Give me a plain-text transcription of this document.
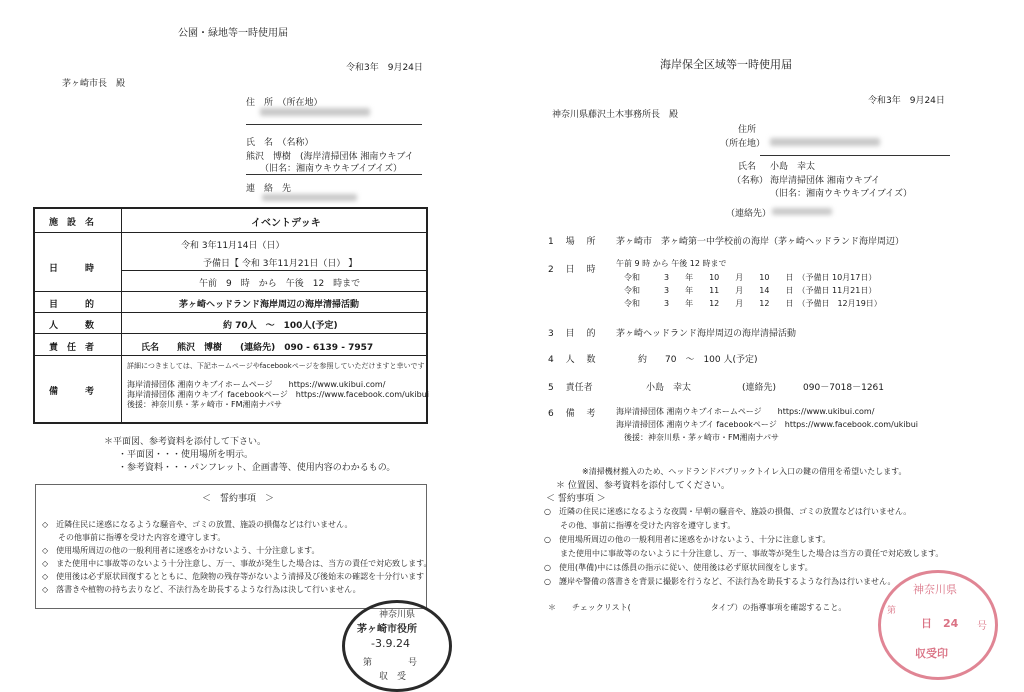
公園・緑地等一時使用届
令和3年　9月24日
茅ヶ崎市長　殿
住　所　（所在地）
氏　名　（名称）
熊沢　博樹　(海岸清掃団体 湘南ウキブイ
（旧名：湘南ウキウキブイブイズ）
連　絡　先
施　設　名	イベントデッキ
日　　　時
令和 3年11月14日（日）
予備日【 令和 3年11月21日（日） 】
午前　9　時　から　午後　12　時まで
目　　　的	茅ヶ崎ヘッドランド海岸周辺の海岸清掃活動
人　　　数	約 70人　～　100人(予定)
責　任　者	氏名　　熊沢　博樹　　(連絡先)　090 - 6139 - 7957
備　　　考
詳細につきましては、下記ホームページやfacebookページを参照していただけますと幸いです
海岸清掃団体 湘南ウキブイホームページ　　https://www.ukibui.com/
海岸清掃団体 湘南ウキブイ facebookページ　https://www.facebook.com/ukibui
後援：神奈川県・茅ヶ崎市・FM湘南ナパサ
＊平面図、参考資料を添付して下さい。
・平面図・・・使用場所を明示。
・参考資料・・・パンフレット、企画書等、使用内容のわかるもの。
＜　誓約事項　＞
◇　近隣住民に迷惑になるような騒音や、ゴミの放置、施設の損傷などは行いません。
　　その他事前に指導を受けた内容を遵守します。
◇　使用場所周辺の他の一般利用者に迷惑をかけないよう、十分注意します。
◇　また使用中に事故等のないよう十分注意し、万一、事故が発生した場合は、当方の責任で対応致します。
◇　使用後は必ず原状回復するとともに、危険物の残存等がないよう清掃及び後始末の確認を十分行います
◇　落書きや植物の持ち去りなど、不法行為を助長するような行為は決して行いません。
神奈川県
茅ヶ崎市役所
-3.9.24
第　　　　号
収　受
海岸保全区域等一時使用届
令和3年　9月24日
神奈川県藤沢土木事務所長　殿
住所
（所在地）
氏名 小島　幸太
（名称） 海岸清掃団体 湘南ウキブイ
（旧名：湘南ウキウキブイブイズ）
（連絡先）
1　 場　 所 茅ヶ崎市　茅ヶ崎第一中学校前の海岸（茅ヶ崎ヘッドランド海岸周辺）
2　 日　 時
午前 9 時 から 午後 12 時まで
令和　　　3　　年　　10　　月　　10　　日　（予備日 10月17日）
令和　　　3　　年　　11　　月　　14　　日　（予備日 11月21日）
令和　　　3　　年　　12　　月　　12　　日　（予備日　12月19日）
3　 目　 的 茅ヶ崎ヘッドランド海岸周辺の海岸清掃活動
4　 人　 数	約　　70　～　100 人(予定)
5　 責任者	小島　幸太	(連絡先)　　　090－7018－1261
6　 備　 考	海岸清掃団体 湘南ウキブイホームページ　　https://www.ukibui.com/
海岸清掃団体 湘南ウキブイ facebookページ　https://www.facebook.com/ukibui
後援：神奈川県・茅ヶ崎市・FM湘南ナパサ
※清掃機材搬入のため、ヘッドランドパブリックトイレ入口の鍵の借用を希望いたします。
＊ 位置図、参考資料を添付してください。
＜ 誓約事項 ＞
○　近隣の住民に迷惑になるような夜間・早朝の騒音や、施設の損傷、ゴミの放置などは行いません。
　　その他、事前に指導を受けた内容を遵守します。
○　使用場所周辺の他の一般利用者に迷惑をかけないよう、十分に注意します。
　　また使用中に事故等のないように十分注意し、万一、事故等が発生した場合は当方の責任で対応致します。
○　使用(準備)中には係員の指示に従い、使用後は必ず原状回復をします。
○　護岸や警備の落書きを背景に撮影を行うなど、不法行為を助長するような行為は行いません。
＊　　チェックリスト(　　　　　　　　　　タイプ）の指導事項を確認すること。
神奈川県
第
日　24 号
収受印
